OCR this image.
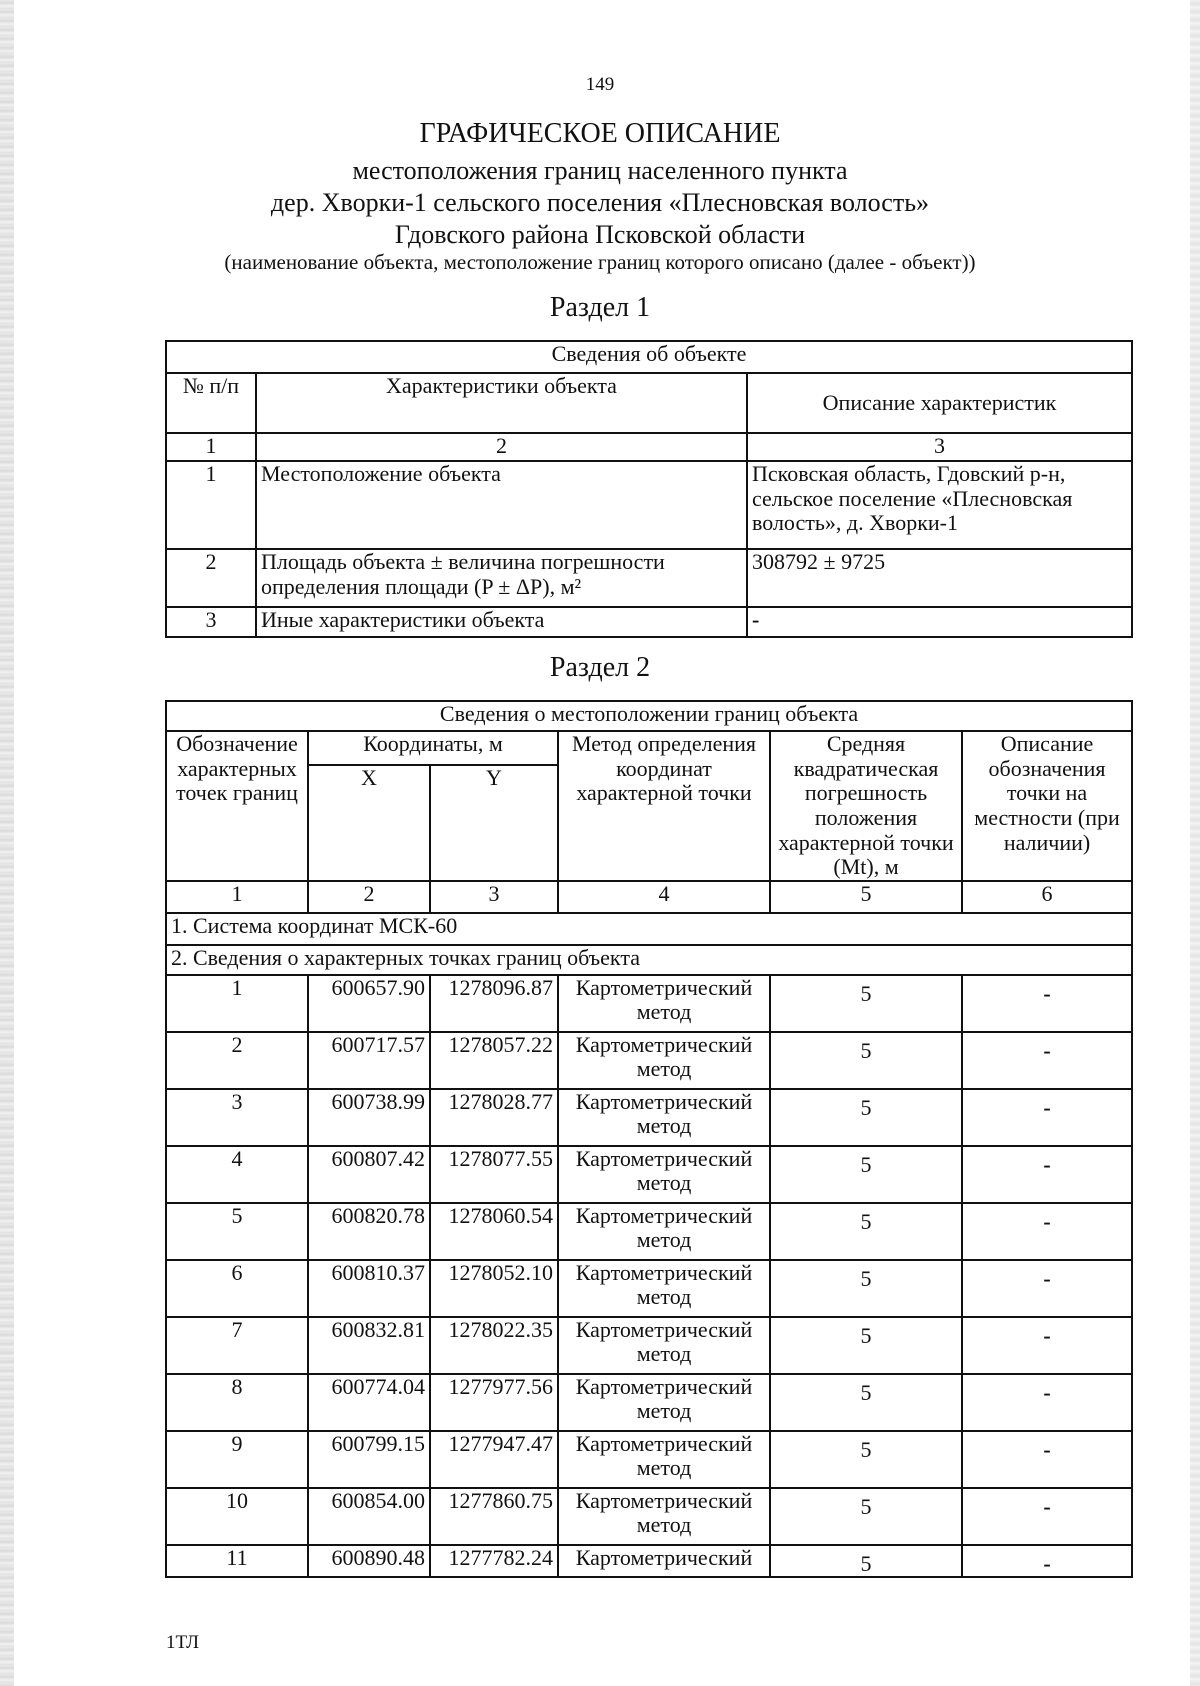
149
ГРАФИЧЕСКОЕ ОПИСАНИЕ
местоположения границ населенного пункта
дер. Хворки-1 сельского поселения «Плесновская волость»
Гдовского района Псковской области
(наименование объекта, местоположение границ которого описано (далее - объект))
Раздел 1
Сведения об объекте		
№ п/п	Характеристики объекта	Описание характеристик
1	2	3
1	Местоположение объекта	Псковская область, Гдовский р-н, сельское поселение «Плесновская волость», д. Хворки-1
2	Площадь объекта ± величина погрешности определения площади (P ± ΔP), м²	308792 ± 9725
3	Иные характеристики объекта	-
Раздел 2
Сведения о местоположении границ объекта					
Обозначение характерных точек границ	Координаты, м		Метод определения координат характерной точки	Средняя квадратическая погрешность положения характерной точки (Mt), м	Описание обозначения точки на местности (при наличии)
	X	Y			
1	2	3	4	5	6
1. Система координат МСК-60					
2. Сведения о характерных точках границ объекта					
1	600657.90	1278096.87	Картометрический метод	5	-
2	600717.57	1278057.22	Картометрический метод	5	-
3	600738.99	1278028.77	Картометрический метод	5	-
4	600807.42	1278077.55	Картометрический метод	5	-
5	600820.78	1278060.54	Картометрический метод	5	-
6	600810.37	1278052.10	Картометрический метод	5	-
7	600832.81	1278022.35	Картометрический метод	5	-
8	600774.04	1277977.56	Картометрический метод	5	-
9	600799.15	1277947.47	Картометрический метод	5	-
10	600854.00	1277860.75	Картометрический метод	5	-
11	600890.48	1277782.24	Картометрический	5	-
1ТЛ
